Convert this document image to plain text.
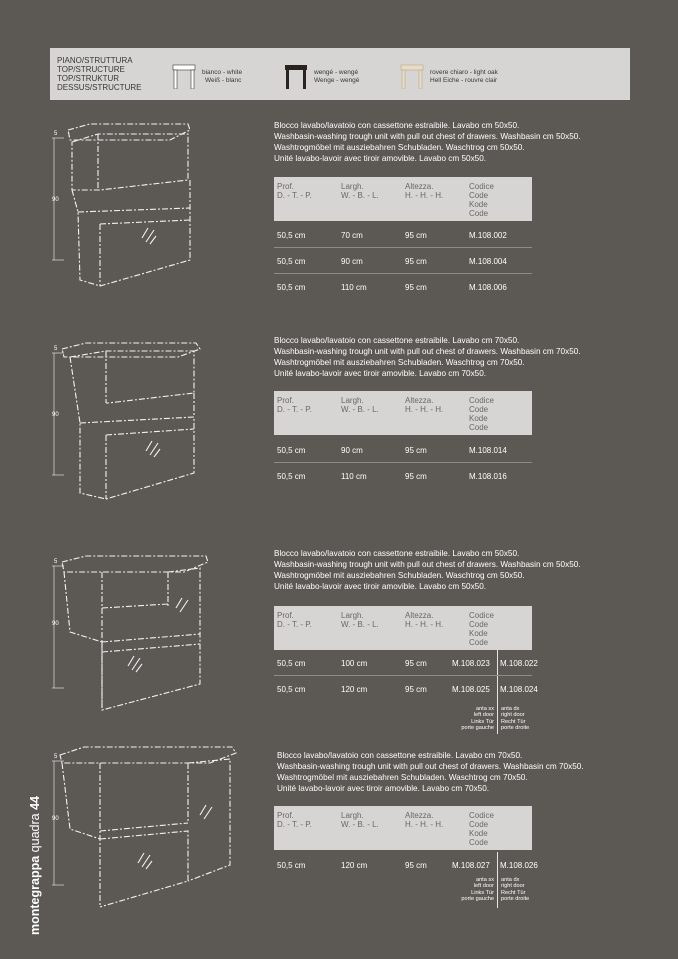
PIANO/STRUTTURA
TOP/STRUCTURE
TOP/STRUKTUR
DESSUS/STRUCTURE
bianco - white
Weiß - blanc
wengé - wengé
Wenge - wengé
rovere chiaro - light oak
Hell Eiche - rouvre clair
90
5
Blocco lavabo/lavatoio con cassettone estraibile. Lavabo cm 50x50.
Washbasin-washing trough unit with pull out chest of drawers. Washbasin cm 50x50.
Washtrogmöbel mit ausziebahren Schubladen. Waschtrog cm 50x50.
Unité lavabo-lavoir avec tiroir amovible. Lavabo cm 50x50.
Prof.
D. - T. - P.
Largh.
W. - B. - L.
Altezza.
H. - H. - H.
Codice
Code
Kode
Code
50,5 cm	70 cm	95 cm	M.108.002
50,5 cm	90 cm	95 cm	M.108.004
50,5 cm	110 cm	95 cm	M.108.006
90
5
Blocco lavabo/lavatoio con cassettone estraibile. Lavabo cm 70x50.
Washbasin-washing trough unit with pull out chest of drawers. Washbasin cm 70x50.
Washtrogmöbel mit ausziebahren Schubladen. Waschtrog cm 70x50.
Unité lavabo-lavoir avec tiroir amovible. Lavabo cm 70x50.
Prof.
D. - T. - P.
Largh.
W. - B. - L.
Altezza.
H. - H. - H.
Codice
Code
Kode
Code
50,5 cm	90 cm	95 cm	M.108.014
50,5 cm	110 cm	95 cm	M.108.016
90
5
Blocco lavabo/lavatoio con cassettone estraibile. Lavabo cm 50x50.
Washbasin-washing trough unit with pull out chest of drawers. Washbasin cm 50x50.
Washtrogmöbel mit ausziebahren Schubladen. Waschtrog cm 50x50.
Unité lavabo-lavoir avec tiroir amovible. Lavabo cm 50x50.
Prof.
D. - T. - P.
Largh.
W. - B. - L.
Altezza.
H. - H. - H.
Codice
Code
Kode
Code
50,5 cm	100 cm	95 cm	M.108.023 M.108.022
50,5 cm	120 cm	95 cm	M.108.025 M.108.024
anta sx
left door
Links Tür
porte gauche
anta dx
right door
Recht Tür
porte droite
90
5	Blocco lavabo/lavatoio con cassettone estraibile. Lavabo cm 70x50.
Washbasin-washing trough unit with pull out chest of drawers. Washbasin cm 70x50.
Washtrogmöbel mit ausziebahren Schubladen. Waschtrog cm 70x50.
Unité lavabo-lavoir avec tiroir amovible. Lavabo cm 70x50.
Prof.
D. - T. - P.
Largh.
W. - B. - L.
Altezza.
H. - H. - H.
Codice
Code
Kode
Code
50,5 cm	120 cm	95 cm	M.108.027 M.108.026
anta sx
left door
Links Tür
porte gauche
anta dx
right door
Recht Tür
porte droite
montegrappa quadra 44
